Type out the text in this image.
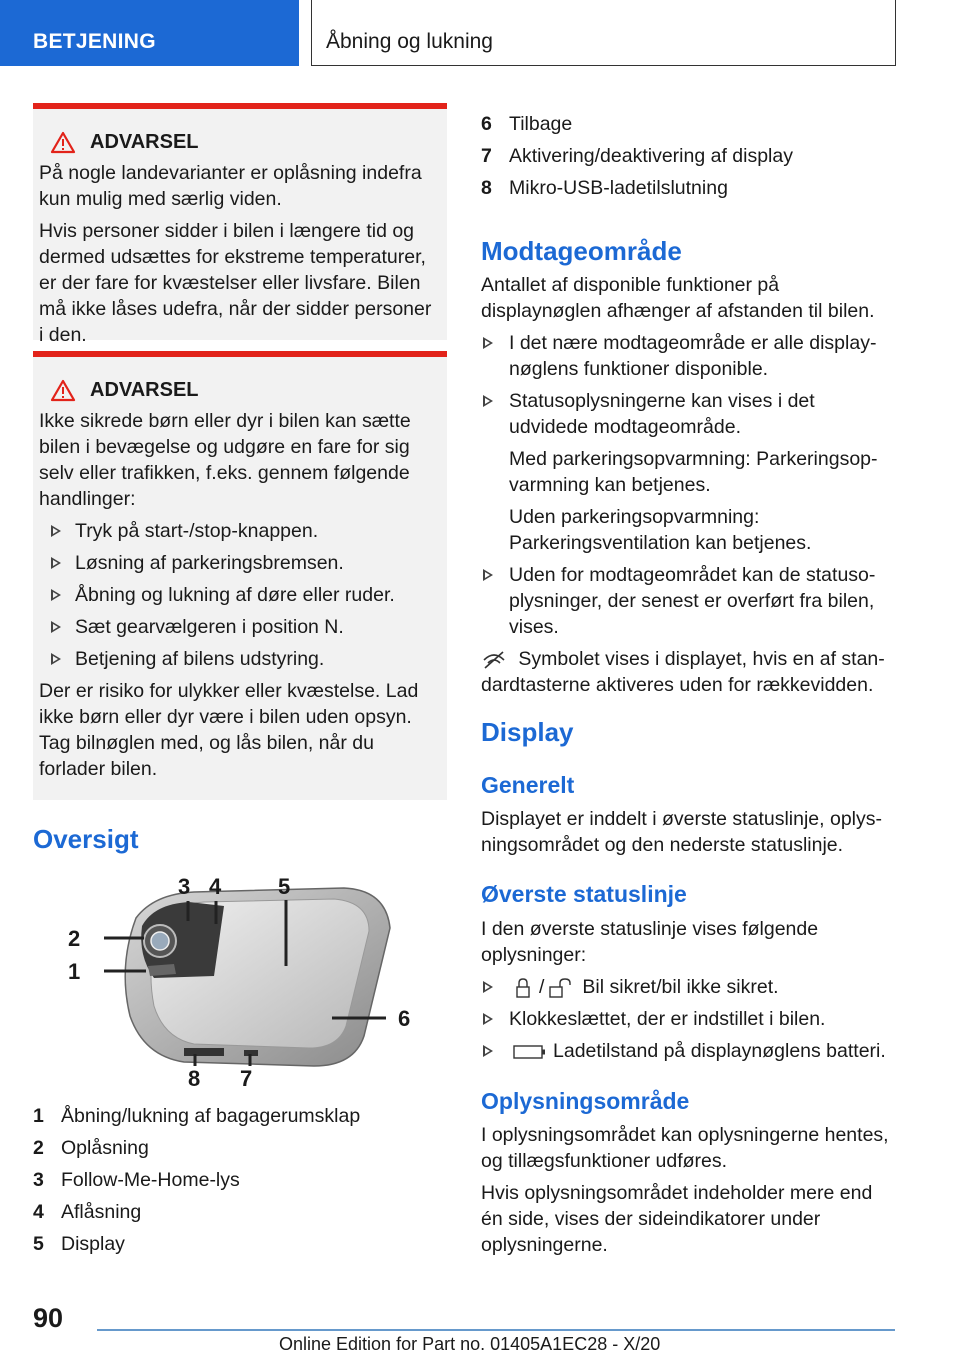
BETJENING	Åbning og lukning
ADVARSEL

På nogle landevarianter er oplåsning indefra kun mulig med særlig viden.

Hvis personer sidder i bilen i længere tid og dermed udsættes for ekstreme temperaturer, er der fare for kvæstelser eller livsfare. Bilen må ikke låses udefra, når der sidder personer i den.

ADVARSEL

Ikke sikrede børn eller dyr i bilen kan sætte bilen i bevægelse og udgøre en fare for sig selv eller trafikken, f.eks. gennem følgende handlinger:

Tryk på start-/stop-knappen.
Løsning af parkeringsbremsen.
Åbning og lukning af døre eller ruder.
Sæt gearvælgeren i position N.
Betjening af bilens udstyring.

Der er risiko for ulykker eller kvæstelse. Lad ikke børn eller dyr være i bilen uden opsyn. Tag bilnøglen med, og lås bilen, når du forlader bilen.

Oversigt
3 4	5
2
1
6
8 7
1 Åbning/lukning af bagagerumsklap
2 Oplåsning
3 Follow-Me-Home-lys
4 Aflåsning
5 Display
6 Tilbage
7 Aktivering/deaktivering af display
8 Mikro-USB-ladetilslutning
Modtageområde

Antallet af disponible funktioner på displaynøglen afhænger af afstanden til bilen.

I det nære modtageområde er alle displaynøglens funktioner disponible.
Statusoplysningerne kan vises i det udvidede modtageområde.
Med parkeringsopvarmning: Parkeringsopvarmning kan betjenes.
Uden parkeringsopvarmning: Parkeringsventilation kan betjenes.
Uden for modtageområdet kan de statusoplysninger, der senest er overført fra bilen, vises.

Symbolet vises i displayet, hvis en af standardtasterne aktiveres uden for rækkevidden.

Display
Generelt

Displayet er inddelt i øverste statuslinje, oplysningsområdet og den nederste statuslinje.

Øverste statuslinje

I den øverste statuslinje vises følgende oplysninger:

/ Bil sikret/bil ikke sikret.
Klokkeslættet, der er indstillet i bilen.
Ladetilstand på displaynøglens batteri.
Oplysningsområde

I oplysningsområdet kan oplysningerne hentes, og tillægsfunktioner udføres.

Hvis oplysningsområdet indeholder mere end én side, vises der sideindikatorer under oplysningerne.

90
Online Edition for Part no. 01405A1EC28 - X/20
